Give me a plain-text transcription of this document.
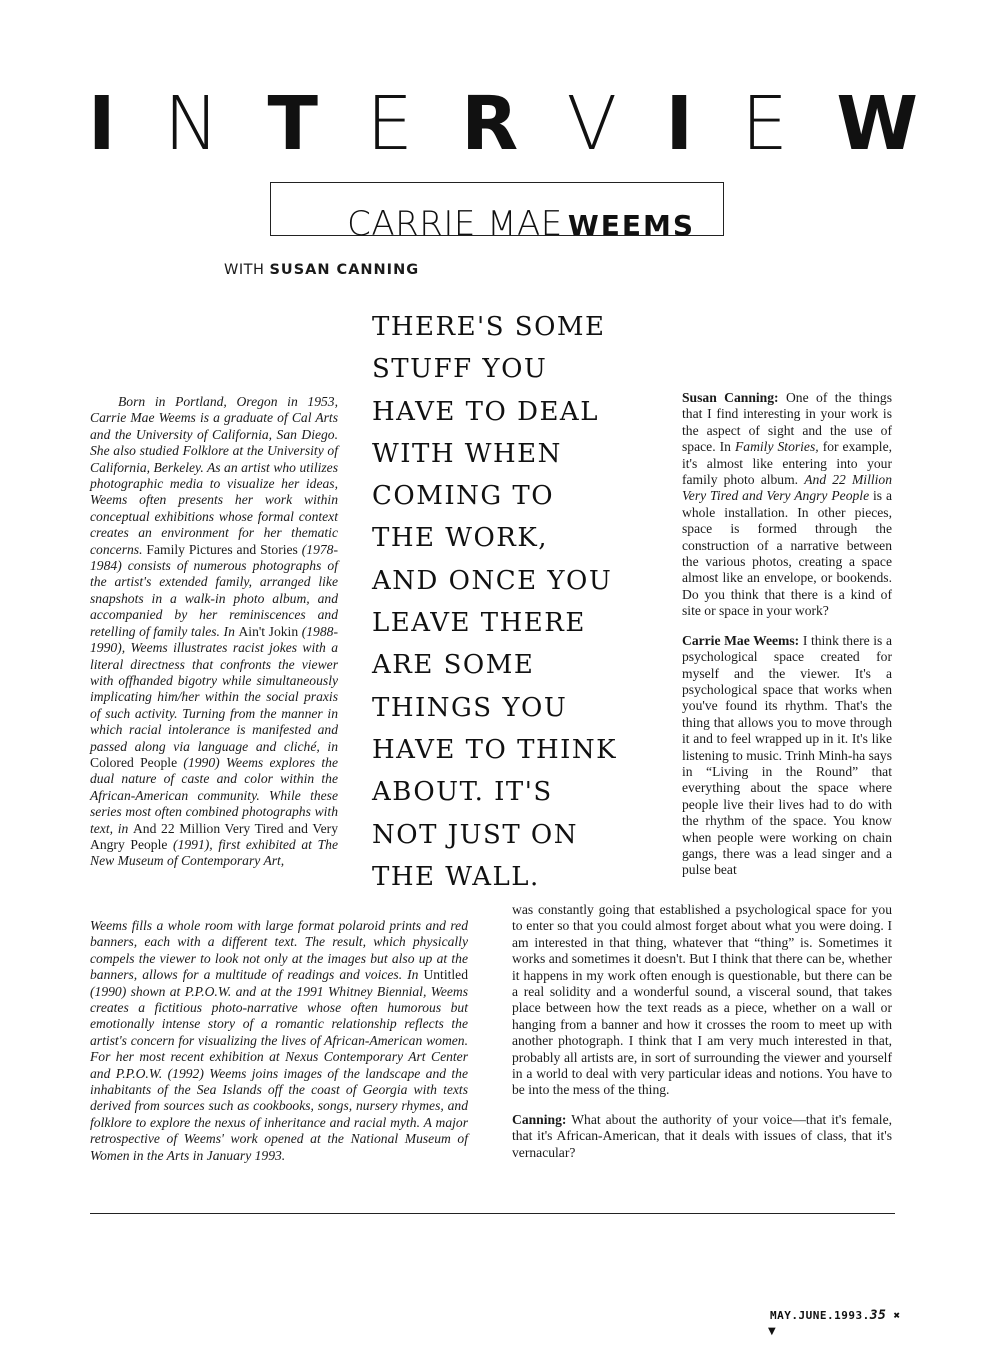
I N T E R V I E W
CARRIE MAE WEEMS
WITH SUSAN CANNING
THERE'S SOME
STUFF YOU
HAVE TO DEAL
WITH WHEN
COMING TO
THE WORK,
AND ONCE YOU
LEAVE THERE
ARE SOME
THINGS YOU
HAVE TO THINK
ABOUT. IT'S
NOT JUST ON
THE WALL.
Born in Portland, Oregon in 1953, Carrie Mae Weems is a graduate of Cal Arts and the University of California, San Diego. She also studied Folklore at the University of California, Berkeley. As an artist who utilizes photographic media to visualize her ideas, Weems often presents her work within conceptual exhibitions whose formal context creates an environment for her thematic concerns. Family Pictures and Stories (1978-1984) consists of numerous photographs of the artist's extended family, arranged like snapshots in a walk-in photo album, and accompanied by her reminiscences and retelling of family tales. In Ain't Jokin (1988-1990), Weems illustrates racist jokes with a literal directness that confronts the viewer with offhanded bigotry while simultaneously implicating him/her within the social praxis of such activity. Turning from the manner in which racial intolerance is manifested and passed along via language and cliché, in Colored People (1990) Weems explores the dual nature of caste and color within the African-American community. While these series most often combined photographs with text, in And 22 Million Very Tired and Very Angry People (1991), first exhibited at The New Museum of Contemporary Art,
Weems fills a whole room with large format polaroid prints and red banners, each with a different text. The result, which physically compels the viewer to look not only at the images but also up at the banners, allows for a multitude of readings and voices. In Untitled (1990) shown at P.P.O.W. and at the 1991 Whitney Biennial, Weems creates a fictitious photo-narrative whose often humorous but emotionally intense story of a romantic relationship reflects the artist's concern for visualizing the lives of African-American women. For her most recent exhibition at Nexus Contemporary Art Center and P.P.O.W. (1992) Weems joins images of the landscape and the inhabitants of the Sea Islands off the coast of Georgia with texts derived from sources such as cookbooks, songs, nursery rhymes, and folklore to explore the nexus of inheritance and racial myth. A major retrospective of Weems' work opened at the National Museum of Women in the Arts in January 1993.

Susan Canning: One of the things that I find interesting in your work is the aspect of sight and the use of space. In Family Stories, for example, it's almost like entering into your family photo album. And 22 Million Very Tired and Very Angry People is a whole installation. In other pieces, space is formed through the construction of a narrative between the various photos, creating a space almost like an envelope, or bookends. Do you think that there is a kind of site or space in your work?

Carrie Mae Weems: I think there is a psychological space created for myself and the viewer. It's a psychological space that works when you've found its rhythm. That's the thing that allows you to move through it and to feel wrapped up in it. It's like listening to music. Trinh Minh-ha says in “Living in the Round” that everything about the space where people live their lives had to do with the rhythm of the space. You know when people were working on chain gangs, there was a lead singer and a pulse beat

was constantly going that established a psychological space for you to enter so that you could almost forget about what you were doing. I am interested in that thing, whatever that “thing” is. Sometimes it works and sometimes it doesn't. But I think that there can be, whether it happens in my work often enough is questionable, but there can be a real solidity and a wonderful sound, a visceral sound, that takes place between how the text reads as a piece, whether on a wall or hanging from a banner and how it crosses the room to meet up with another photograph. I think that I am very much interested in that, probably all artists are, in sort of surrounding the viewer and yourself in a world to deal with very particular ideas and notions. You have to be into the mess of the thing.

Canning: What about the authority of your voice—that it's female, that it's African-American, that it deals with issues of class, that it's vernacular?

MAY.JUNE.1993.35 ✖
▼
